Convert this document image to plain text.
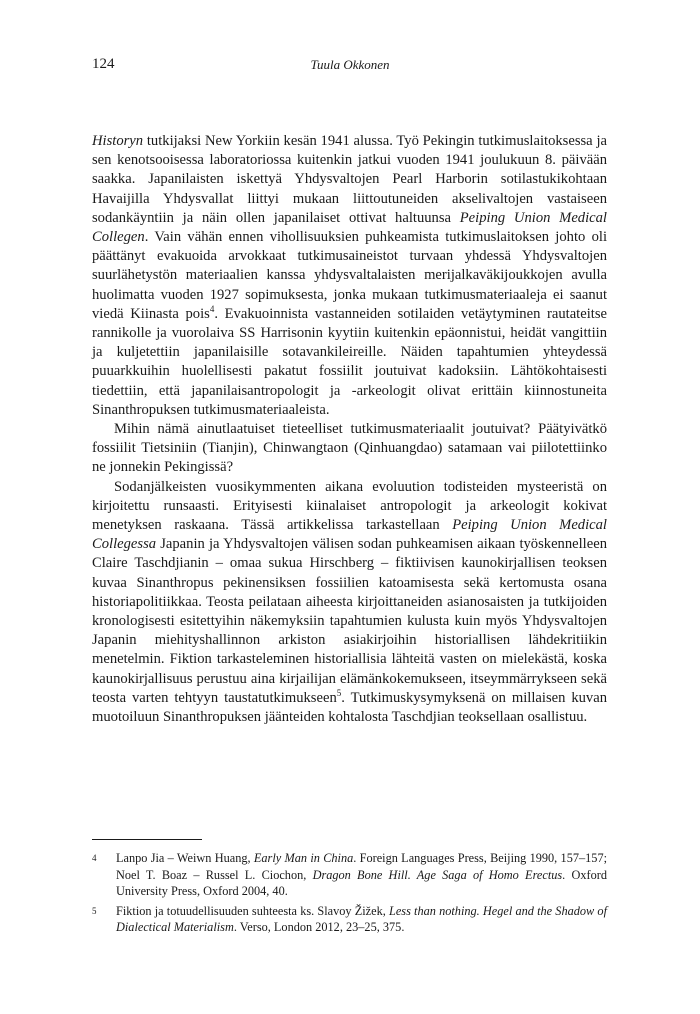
124	Tuula Okkonen

Historyn tutkijaksi New Yorkiin kesän 1941 alussa. Työ Pekingin tutkimuslaitoksessa ja sen kenotsooisessa laboratoriossa kuitenkin jatkui vuoden 1941 joulukuun 8. päivään saakka. Japanilaisten iskettyä Yhdysvaltojen Pearl Harborin sotilastukikohtaan Havaijilla Yhdysvallat liittyi mukaan liittoutuneiden akselivaltojen vastaiseen sodankäyntiin ja näin ollen japanilaiset ottivat haltuunsa Peiping Union Medical Collegen. Vain vähän ennen vihollisuuksien puhkeamista tutkimuslaitoksen johto oli päättänyt evakuoida arvokkaat tutkimusaineistot turvaan yhdessä Yhdysvaltojen suurlähetystön materiaalien kanssa yhdysvaltalaisten merijalkaväkijoukkojen avulla huolimatta vuoden 1927 sopimuksesta, jonka mukaan tutkimusmateriaaleja ei saanut viedä Kiinasta pois$^4$. Evakuoinnista vastanneiden sotilaiden vetäytyminen rautateitse rannikolle ja vuorolaiva SS Harrisonin kyytiin kuitenkin epäonnistui, heidät vangittiin ja kuljetettiin japanilaisille sotavankileireille. Näiden tapahtumien yhteydessä puuarkkuihin huolellisesti pakatut fossiilit joutuivat kadoksiin. Lähtökohtaisesti tiedettiin, että japanilaisantropologit ja -arkeologit olivat erittäin kiinnostuneita Sinanthropuksen tutkimusmateriaaleista.

Mihin nämä ainutlaatuiset tieteelliset tutkimusmateriaalit joutuivat? Päätyivätkö fossiilit Tietsiniin (Tianjin), Chinwangtaon (Qinhuangdao) satamaan vai piilotettiinko ne jonnekin Pekingissä?

Sodanjälkeisten vuosikymmenten aikana evoluution todisteiden mysteeristä on kirjoitettu runsaasti. Erityisesti kiinalaiset antropologit ja arkeologit kokivat menetyksen raskaana. Tässä artikkelissa tarkastellaan Peiping Union Medical Collegessa Japanin ja Yhdysvaltojen välisen sodan puhkeamisen aikaan työskennelleen Claire Taschdjianin – omaa sukua Hirschberg – fiktiivisen kaunokirjallisen teoksen kuvaa Sinanthropus pekinensiksen fossiilien katoamisesta sekä kertomusta osana historiapolitiikkaa. Teosta peilataan aiheesta kirjoittaneiden asianosaisten ja tutkijoiden kronologisesti esitettyihin näkemyksiin tapahtumien kulusta kuin myös Yhdysvaltojen Japanin miehityshallinnon arkiston asiakirjoihin historiallisen lähdekritiikin menetelmin. Fiktion tarkasteleminen historiallisia lähteitä vasten on mielekästä, koska kaunokirjallisuus perustuu aina kirjailijan elämänkokemukseen, itseymmärrykseen sekä teosta varten tehtyyn taustatutkimukseen$^5$. Tutkimuskysymyksenä on millaisen kuvan muotoiluun Sinanthropuksen jäänteiden kohtalosta Taschdjian teoksellaan osallistuu.

4	Lanpo Jia – Weiwn Huang, Early Man in China. Foreign Languages Press, Beijing 1990, 157–157; Noel T. Boaz – Russel L. Ciochon, Dragon Bone Hill. Age Saga of Homo Erectus. Oxford University Press, Oxford 2004, 40.
5	Fiktion ja totuudellisuuden suhteesta ks. Slavoy Žižek, Less than nothing. Hegel and the Shadow of Dialectical Materialism. Verso, London 2012, 23–25, 375.
